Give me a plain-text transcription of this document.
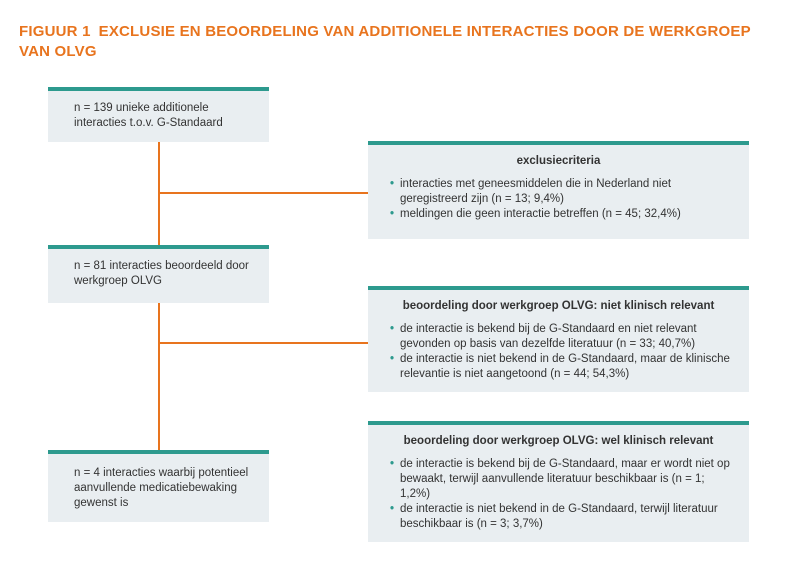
FIGUUR 1 EXCLUSIE EN BEOORDELING VAN ADDITIONELE INTERACTIES DOOR DE WERKGROEP VAN OLVG
n = 139 unieke additionele interacties t.o.v. G-Standaard
n = 81 interacties beoordeeld door werkgroep OLVG
n = 4 interacties waarbij potentieel aanvullende medicatiebewaking gewenst is
exclusiecriteria
• interacties met geneesmiddelen die in Nederland niet geregistreerd zijn (n = 13; 9,4%)
• meldingen die geen interactie betreffen (n = 45; 32,4%)
beoordeling door werkgroep OLVG: niet klinisch relevant
• de interactie is bekend bij de G-Standaard en niet relevant gevonden op basis van dezelfde literatuur (n = 33; 40,7%)
• de interactie is niet bekend in de G-Standaard, maar de klinische relevantie is niet aangetoond (n = 44; 54,3%)
beoordeling door werkgroep OLVG: wel klinisch relevant
• de interactie is bekend bij de G-Standaard, maar er wordt niet op bewaakt, terwijl aanvullende literatuur beschikbaar is (n = 1; 1,2%)
• de interactie is niet bekend in de G-Standaard, terwijl literatuur beschikbaar is (n = 3; 3,7%)
